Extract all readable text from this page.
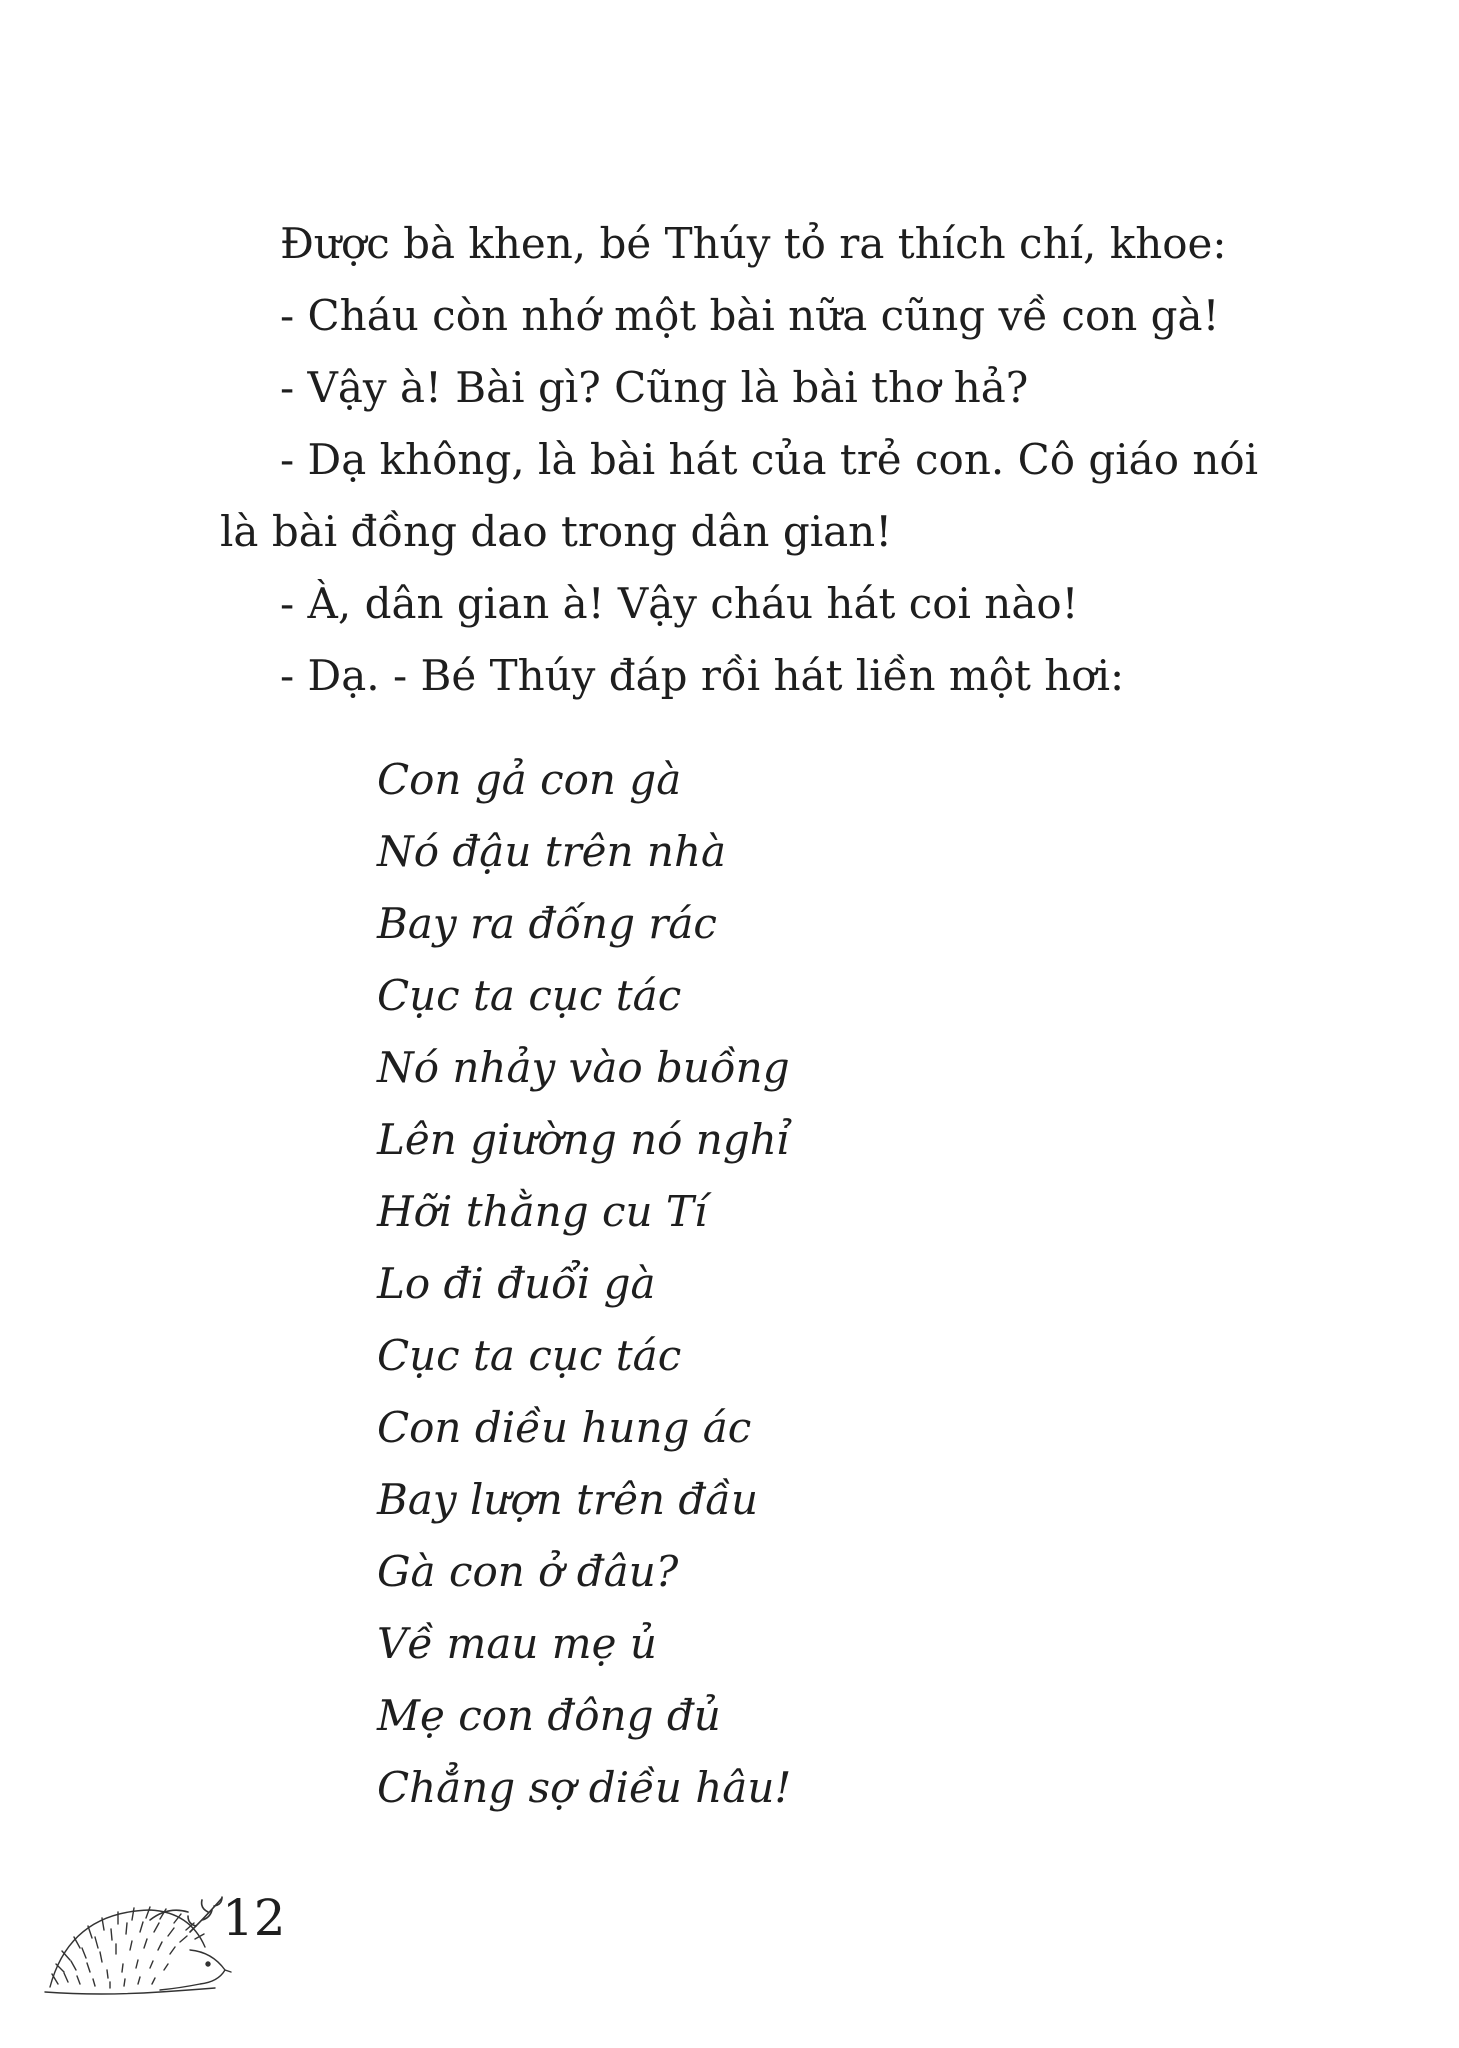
Được bà khen, bé Thúy tỏ ra thích chí, khoe:

- Cháu còn nhớ một bài nữa cũng về con gà!

- Vậy à! Bài gì? Cũng là bài thơ hả?

- Dạ không, là bài hát của trẻ con. Cô giáo nói là bài đồng dao trong dân gian!

- À, dân gian à! Vậy cháu hát coi nào!

- Dạ. - Bé Thúy đáp rồi hát liền một hơi:

Con gả con gà

Nó đậu trên nhà

Bay ra đống rác

Cục ta cục tác

Nó nhảy vào buồng

Lên giường nó nghỉ

Hỡi thằng cu Tí

Lo đi đuổi gà

Cục ta cục tác

Con diều hung ác

Bay lượn trên đầu

Gà con ở đâu?

Về mau mẹ ủ

Mẹ con đông đủ

Chẳng sợ diều hâu!

12
